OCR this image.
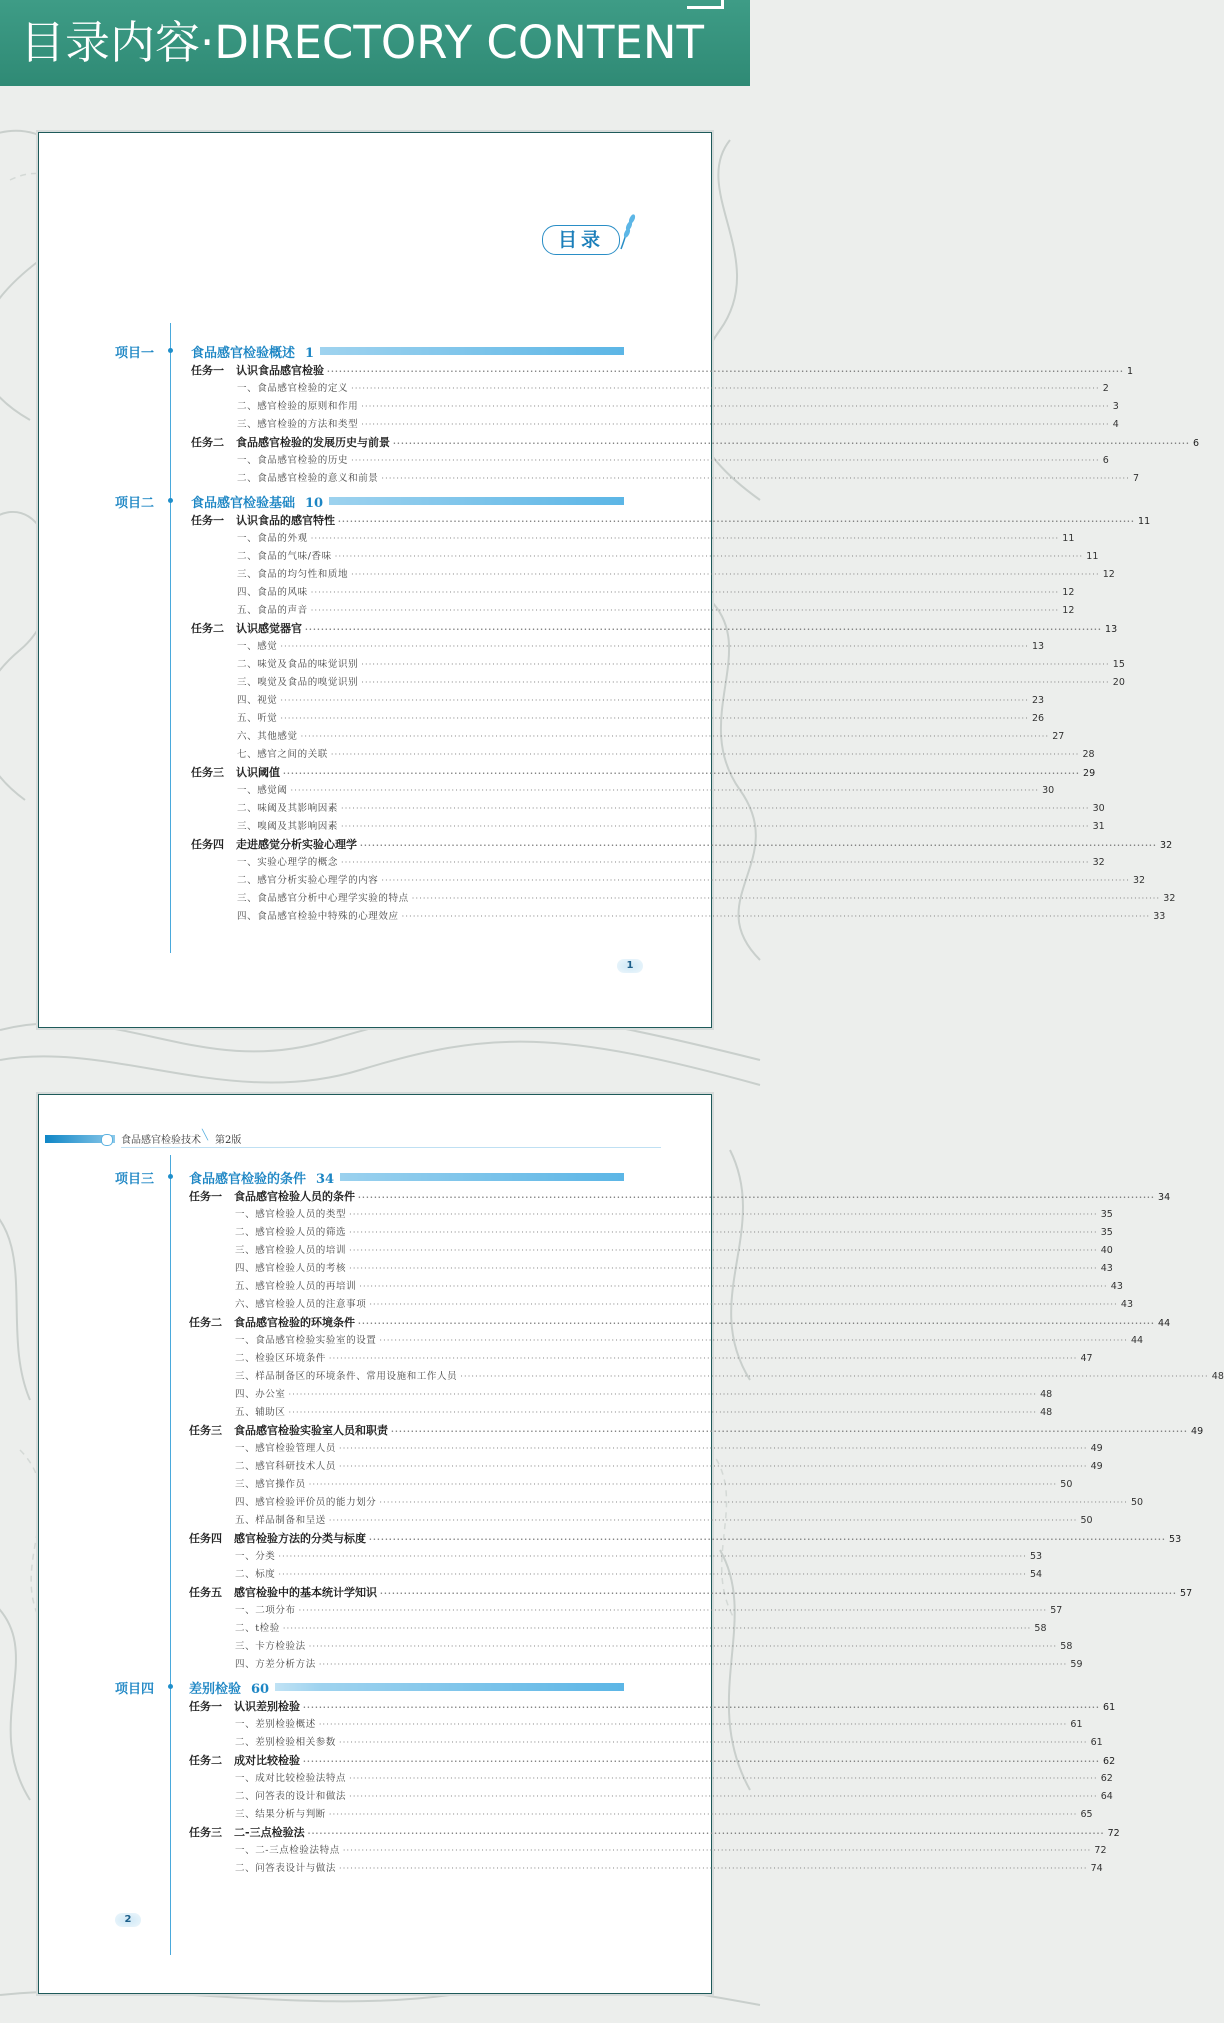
目录内容·DIRECTORY CONTENT
目录
项目一	食品感官检验概述 1
任务一 认识食品感官检验 ········································································································································································································ 1
一、食品感官检验的定义 ········································································································································································································ 2
二、感官检验的原则和作用 ········································································································································································································ 3
三、感官检验的方法和类型 ········································································································································································································ 4
任务二 食品感官检验的发展历史与前景 ········································································································································································································ 6
一、食品感官检验的历史 ········································································································································································································ 6
二、食品感官检验的意义和前景 ········································································································································································································ 7
项目二	食品感官检验基础 10
任务一 认识食品的感官特性 ········································································································································································································ 11
一、食品的外观 ········································································································································································································ 11
二、食品的气味/香味 ········································································································································································································ 11
三、食品的均匀性和质地 ········································································································································································································ 12
四、食品的风味 ········································································································································································································ 12
五、食品的声音 ········································································································································································································ 12
任务二 认识感觉器官 ········································································································································································································ 13
一、感觉 ········································································································································································································ 13
二、味觉及食品的味觉识别 ········································································································································································································ 15
三、嗅觉及食品的嗅觉识别 ········································································································································································································ 20
四、视觉 ········································································································································································································ 23
五、听觉 ········································································································································································································ 26
六、其他感觉 ········································································································································································································ 27
七、感官之间的关联 ········································································································································································································ 28
任务三 认识阈值 ········································································································································································································ 29
一、感觉阈 ········································································································································································································ 30
二、味阈及其影响因素 ········································································································································································································ 30
三、嗅阈及其影响因素 ········································································································································································································ 31
任务四 走进感觉分析实验心理学 ········································································································································································································ 32
一、实验心理学的概念 ········································································································································································································ 32
二、感官分析实验心理学的内容 ········································································································································································································ 32
三、食品感官分析中心理学实验的特点 ········································································································································································································ 32
四、食品感官检验中特殊的心理效应 ········································································································································································································ 33
1
食品感官检验技术 ╲ 第2版
项目三	食品感官检验的条件 34
任务一 食品感官检验人员的条件 ········································································································································································································ 34
一、感官检验人员的类型 ········································································································································································································ 35
二、感官检验人员的筛选 ········································································································································································································ 35
三、感官检验人员的培训 ········································································································································································································ 40
四、感官检验人员的考核 ········································································································································································································ 43
五、感官检验人员的再培训 ········································································································································································································ 43
六、感官检验人员的注意事项 ········································································································································································································ 43
任务二 食品感官检验的环境条件 ········································································································································································································ 44
一、食品感官检验实验室的设置 ········································································································································································································ 44
二、检验区环境条件 ········································································································································································································ 47
三、样品制备区的环境条件、常用设施和工作人员 ········································································································································································································ 48
四、办公室 ········································································································································································································ 48
五、辅助区 ········································································································································································································ 48
任务三 食品感官检验实验室人员和职责 ········································································································································································································ 49
一、感官检验管理人员 ········································································································································································································ 49
二、感官科研技术人员 ········································································································································································································ 49
三、感官操作员 ········································································································································································································ 50
四、感官检验评价员的能力划分 ········································································································································································································ 50
五、样品制备和呈送 ········································································································································································································ 50
任务四 感官检验方法的分类与标度 ········································································································································································································ 53
一、分类 ········································································································································································································ 53
二、标度 ········································································································································································································ 54
任务五 感官检验中的基本统计学知识 ········································································································································································································ 57
一、二项分布 ········································································································································································································ 57
二、t检验 ········································································································································································································ 58
三、卡方检验法 ········································································································································································································ 58
四、方差分析方法 ········································································································································································································ 59
项目四	差别检验 60
任务一 认识差别检验 ········································································································································································································ 61
一、差别检验概述 ········································································································································································································ 61
二、差别检验相关参数 ········································································································································································································ 61
任务二 成对比较检验 ········································································································································································································ 62
一、成对比较检验法特点 ········································································································································································································ 62
二、问答表的设计和做法 ········································································································································································································ 64
三、结果分析与判断 ········································································································································································································ 65
任务三 二-三点检验法 ········································································································································································································ 72
一、二-三点检验法特点 ········································································································································································································ 72
二、问答表设计与做法 ········································································································································································································ 74
2
